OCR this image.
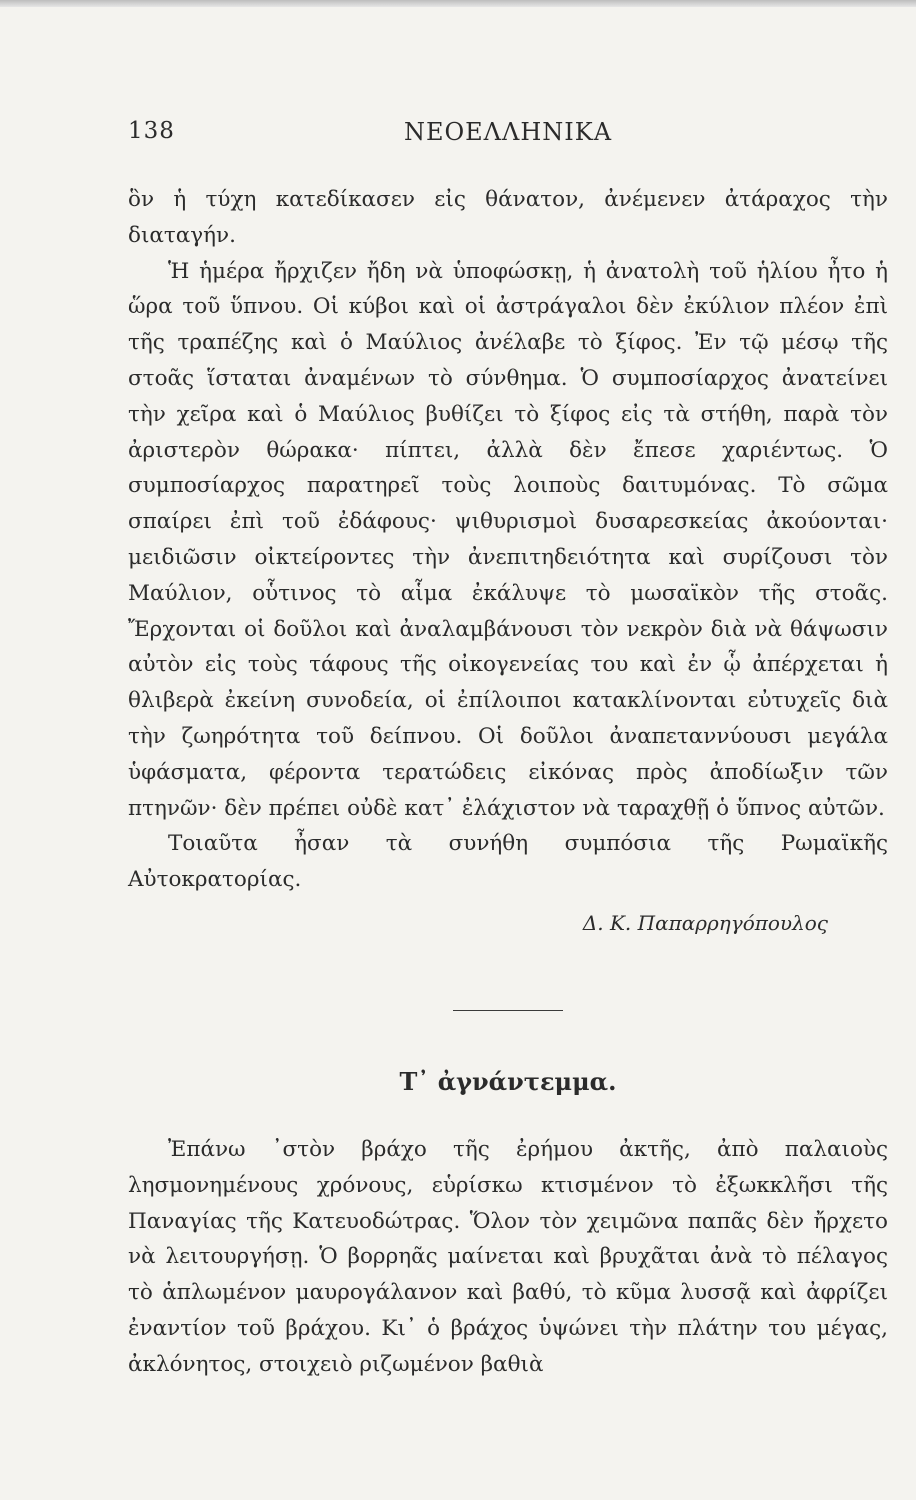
138	ΝΕΟΕΛΛΗΝΙΚΑ

ὃν ἡ τύχη κατεδίκασεν εἰς θάνατον, ἀνέμενεν ἀτάραχος τὴν διαταγήν.

Ἡ ἡμέρα ἤρχιζεν ἤδη νὰ ὑποφώσκῃ, ἡ ἀνατολὴ τοῦ ἡλίου ἦτο ἡ ὥρα τοῦ ὕπνου. Οἱ κύβοι καὶ οἱ ἀστράγαλοι δὲν ἐκύλιον πλέον ἐπὶ τῆς τραπέζης καὶ ὁ Μαύλιος ἀνέλαβε τὸ ξίφος. Ἐν τῷ μέσῳ τῆς στοᾶς ἵσταται ἀναμένων τὸ σύνθημα. Ὁ συμποσίαρχος ἀνατείνει τὴν χεῖρα καὶ ὁ Μαύλιος βυθίζει τὸ ξίφος εἰς τὰ στήθη, παρὰ τὸν ἀριστερὸν θώρακα· πίπτει, ἀλλὰ δὲν ἔπεσε χαριέντως. Ὁ συμποσίαρχος παρατηρεῖ τοὺς λοιποὺς δαιτυμόνας. Τὸ σῶμα σπαίρει ἐπὶ τοῦ ἐδάφους· ψιθυρισμοὶ δυσαρεσκείας ἀκούονται· μειδιῶσιν οἰκτείροντες τὴν ἀνεπιτηδειότητα καὶ συρίζουσι τὸν Μαύλιον, οὗτινος τὸ αἷμα ἐκάλυψε τὸ μωσαϊκὸν τῆς στοᾶς. Ἔρχονται οἱ δοῦλοι καὶ ἀναλαμβάνουσι τὸν νεκρὸν διὰ νὰ θάψωσιν αὐτὸν εἰς τοὺς τάφους τῆς οἰκογενείας του καὶ ἐν ᾧ ἀπέρχεται ἡ θλιβερὰ ἐκείνη συνοδεία, οἱ ἐπίλοιποι κατακλίνονται εὐτυχεῖς διὰ τὴν ζωηρότητα τοῦ δείπνου. Οἱ δοῦλοι ἀναπεταννύουσι μεγάλα ὑφάσματα, φέροντα τερατώδεις εἰκόνας πρὸς ἀποδίωξιν τῶν πτηνῶν· δὲν πρέπει οὐδὲ κατ᾽ ἐλάχιστον νὰ ταραχθῇ ὁ ὕπνος αὐτῶν.

Τοιαῦτα ἦσαν τὰ συνήθη συμπόσια τῆς Ρωμαϊκῆς Αὐτοκρατορίας.

Δ. Κ. Παπαρρηγόπουλος

Τ᾽ ἀγνάντεμμα.

Ἐπάνω ᾽στὸν βράχο τῆς ἐρήμου ἀκτῆς, ἀπὸ παλαιοὺς λησμονημένους χρόνους, εὑρίσκω κτισμένον τὸ ἐξωκκλῆσι τῆς Παναγίας τῆς Κατευοδώτρας. Ὅλον τὸν χειμῶνα παπᾶς δὲν ἤρχετο νὰ λειτουργήσῃ. Ὁ βορρηᾶς μαίνεται καὶ βρυχᾶται ἀνὰ τὸ πέλαγος τὸ ἁπλωμένον μαυρογάλανον καὶ βαθύ, τὸ κῦμα λυσσᾷ καὶ ἀφρίζει ἐναντίον τοῦ βράχου. Κι᾽ ὁ βράχος ὑψώνει τὴν πλάτην του μέγας, ἀκλόνητος, στοιχειὸ ριζωμένον βαθιὰ
